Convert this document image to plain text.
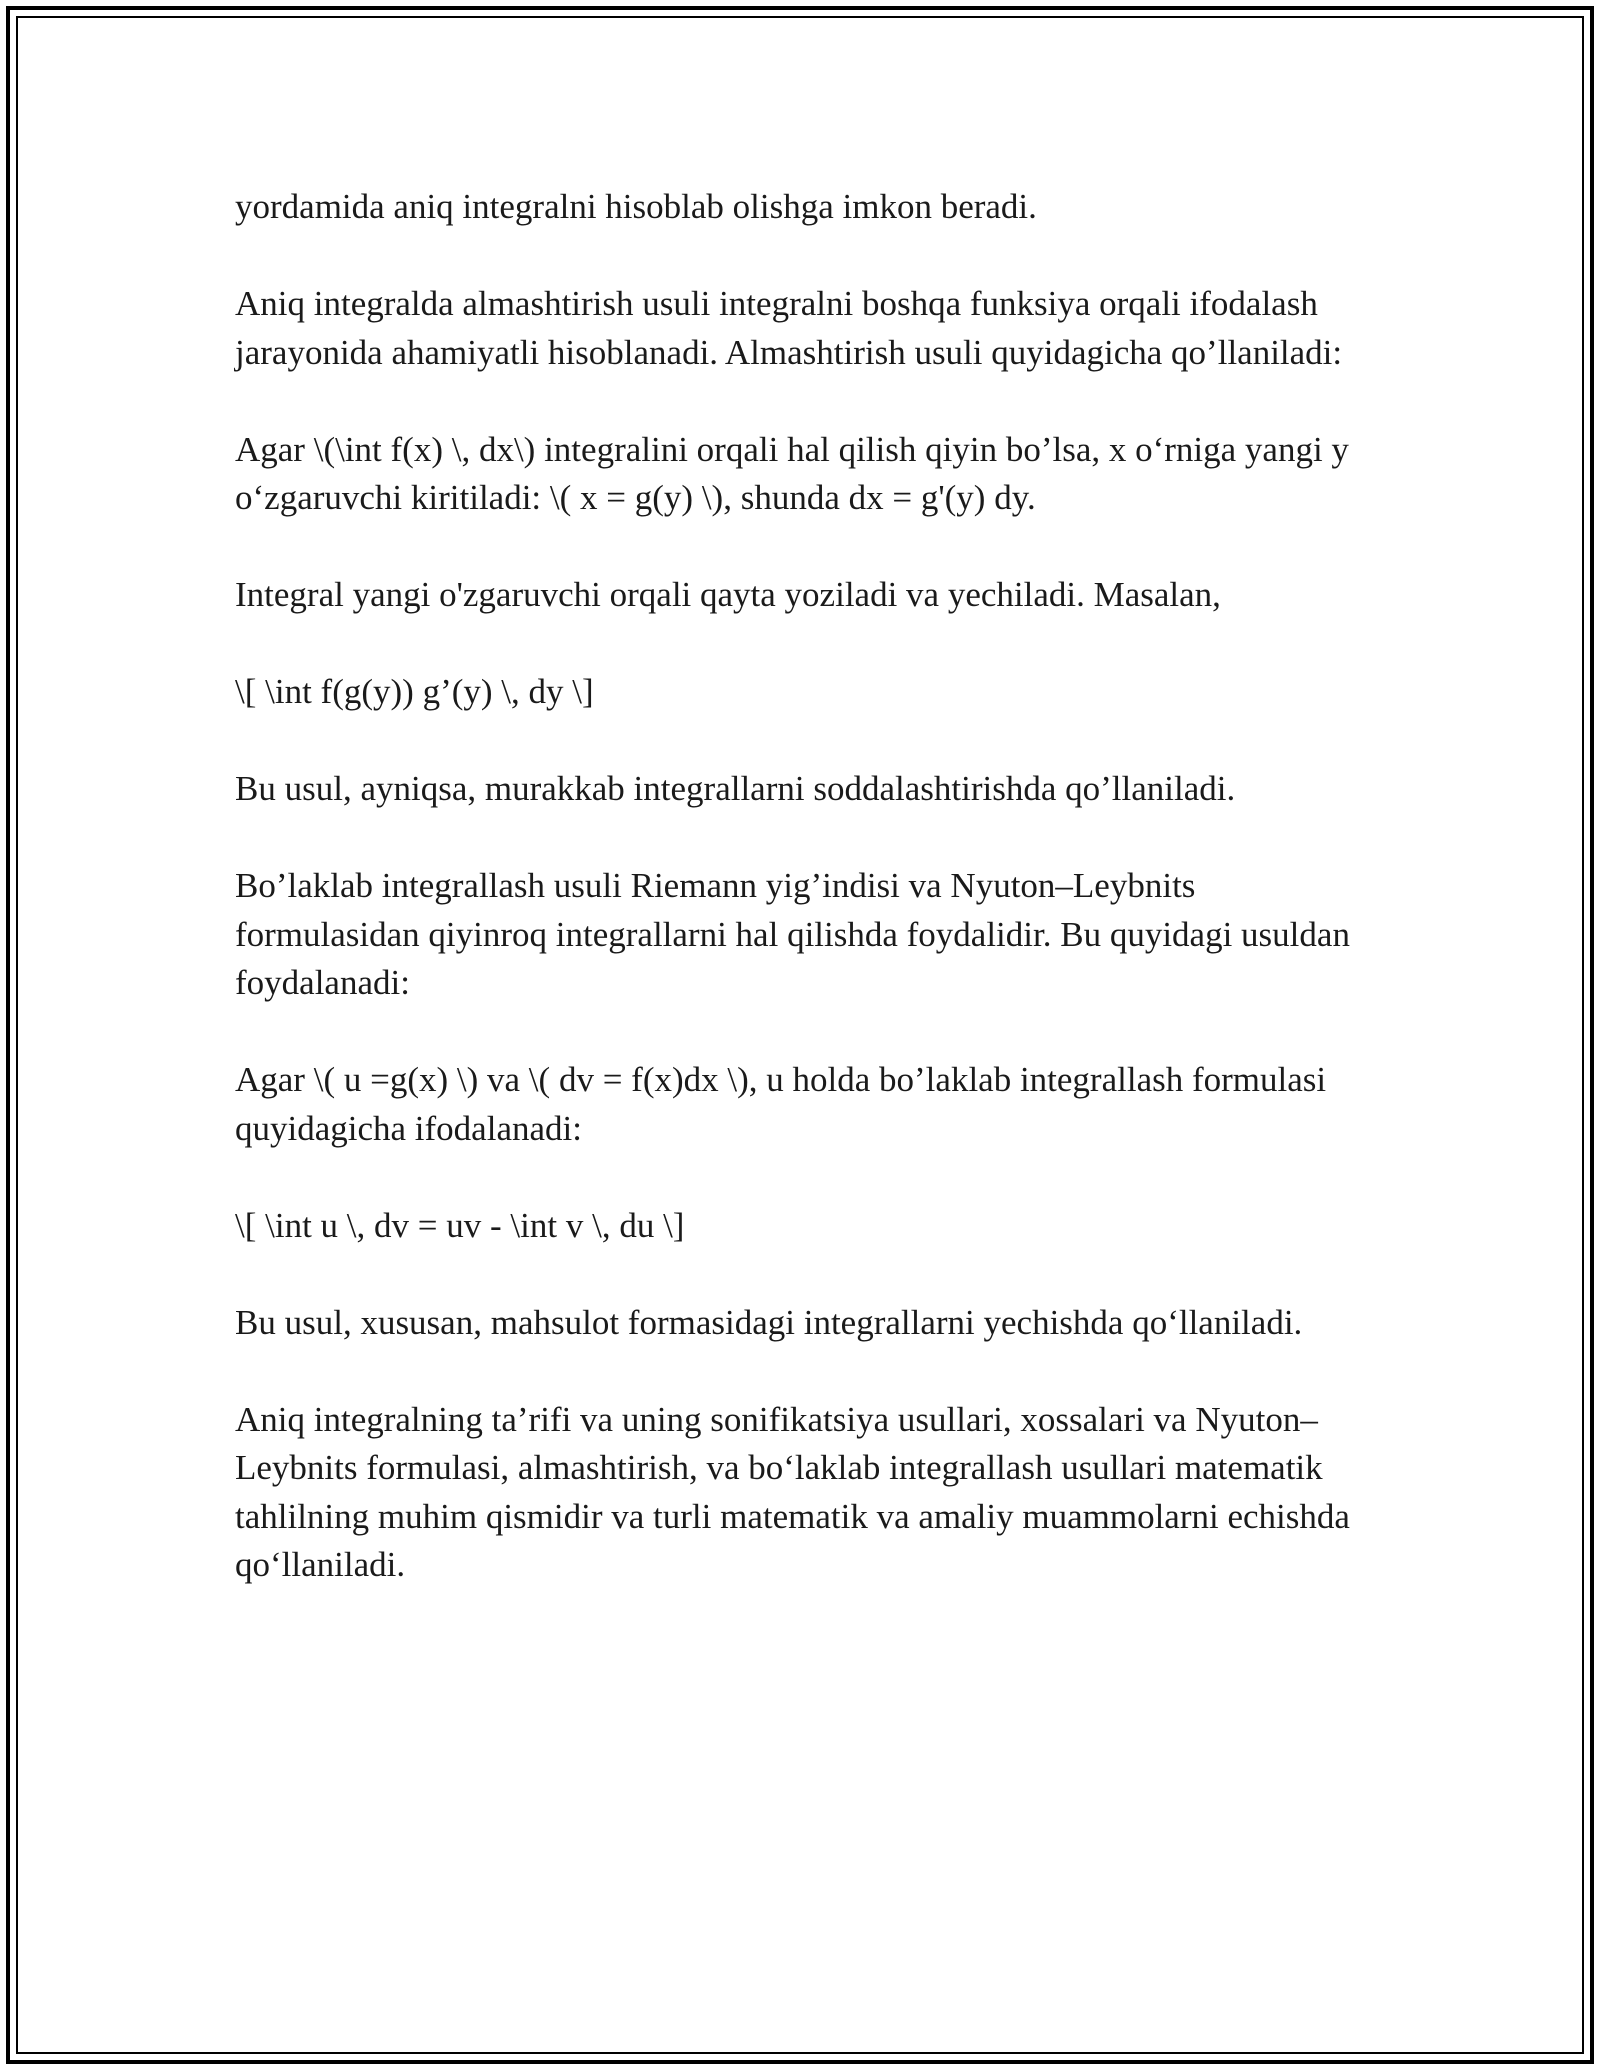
yordamida aniq integralni hisoblab olishga imkon beradi.

Aniq integralda almashtirish usuli integralni boshqa funksiya orqali ifodalash jarayonida ahamiyatli hisoblanadi. Almashtirish usuli quyidagicha qo’llaniladi:

Agar \(\int f(x) \, dx\) integralini orqali hal qilish qiyin bo’lsa, x o‘rniga yangi y o‘zgaruvchi kiritiladi: \( x = g(y) \), shunda dx = g'(y) dy.

Integral yangi o'zgaruvchi orqali qayta yoziladi va yechiladi. Masalan,

\[ \int f(g(y)) g’(y) \, dy \]

Bu usul, ayniqsa, murakkab integrallarni soddalashtirishda qo’llaniladi.

Bo’laklab integrallash usuli Riemann yig’indisi va Nyuton–Leybnits formulasidan qiyinroq integrallarni hal qilishda foydalidir. Bu quyidagi usuldan foydalanadi:

Agar \( u =g(x) \) va \( dv = f(x)dx \), u holda bo’laklab integrallash formulasi quyidagicha ifodalanadi:

\[ \int u \, dv = uv - \int v \, du \]

Bu usul, xususan, mahsulot formasidagi integrallarni yechishda qo‘llaniladi.

Aniq integralning ta’rifi va uning sonifikatsiya usullari, xossalari va Nyuton–Leybnits formulasi, almashtirish, va bo‘laklab integrallash usullari matematik tahlilning muhim qismidir va turli matematik va amaliy muammolarni echishda qo‘llaniladi.
